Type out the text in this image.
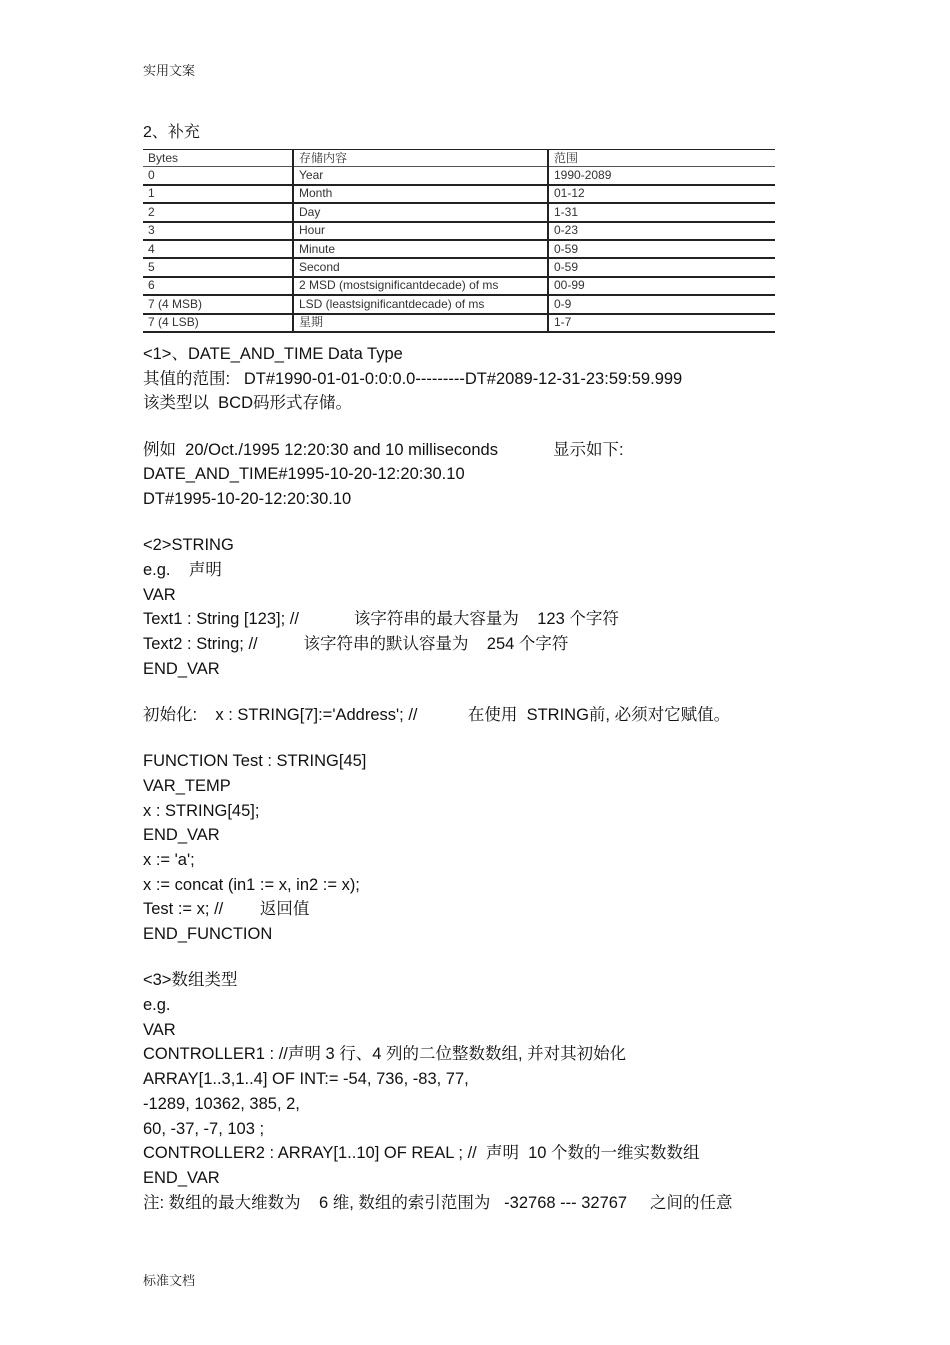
实用文案
2、补充
Bytes	存储内容	范围
0	Year	1990-2089
1	Month	01-12
2	Day	1-31
3	Hour	0-23
4	Minute	0-59
5	Second	0-59
6	2 MSD (mostsignificantdecade) of ms	00-99
7 (4 MSB)	LSD (leastsignificantdecade) of ms	0-9
7 (4 LSB)	星期	1-7
<1>、DATE_AND_TIME Data Type
其值的范围:   DT#1990-01-01-0:0:0.0---------DT#2089-12-31-23:59:59.999
该类型以  BCD码形式存储。
例如  20/Oct./1995 12:20:30 and 10 milliseconds            显示如下:
DATE_AND_TIME#1995-10-20-12:20:30.10
DT#1995-10-20-12:20:30.10
<2>STRING
e.g.    声明
VAR
Text1 : String [123]; //            该字符串的最大容量为    123 个字符
Text2 : String; //          该字符串的默认容量为    254 个字符
END_VAR
初始化:    x : STRING[7]:='Address'; //           在使用  STRING前, 必须对它赋值。
FUNCTION Test : STRING[45]
VAR_TEMP
x : STRING[45];
END_VAR
x := 'a';
x := concat (in1 := x, in2 := x);
Test := x; //        返回值
END_FUNCTION
<3>数组类型
e.g.
VAR
CONTROLLER1 : //声明 3 行、4 列的二位整数数组, 并对其初始化
ARRAY[1..3,1..4] OF INT:= -54, 736, -83, 77,
-1289, 10362, 385, 2,
60, -37, -7, 103 ;
CONTROLLER2 : ARRAY[1..10] OF REAL ; //  声明  10 个数的一维实数数组
END_VAR
注: 数组的最大维数为    6 维, 数组的索引范围为   -32768 --- 32767     之间的任意
标准文档
